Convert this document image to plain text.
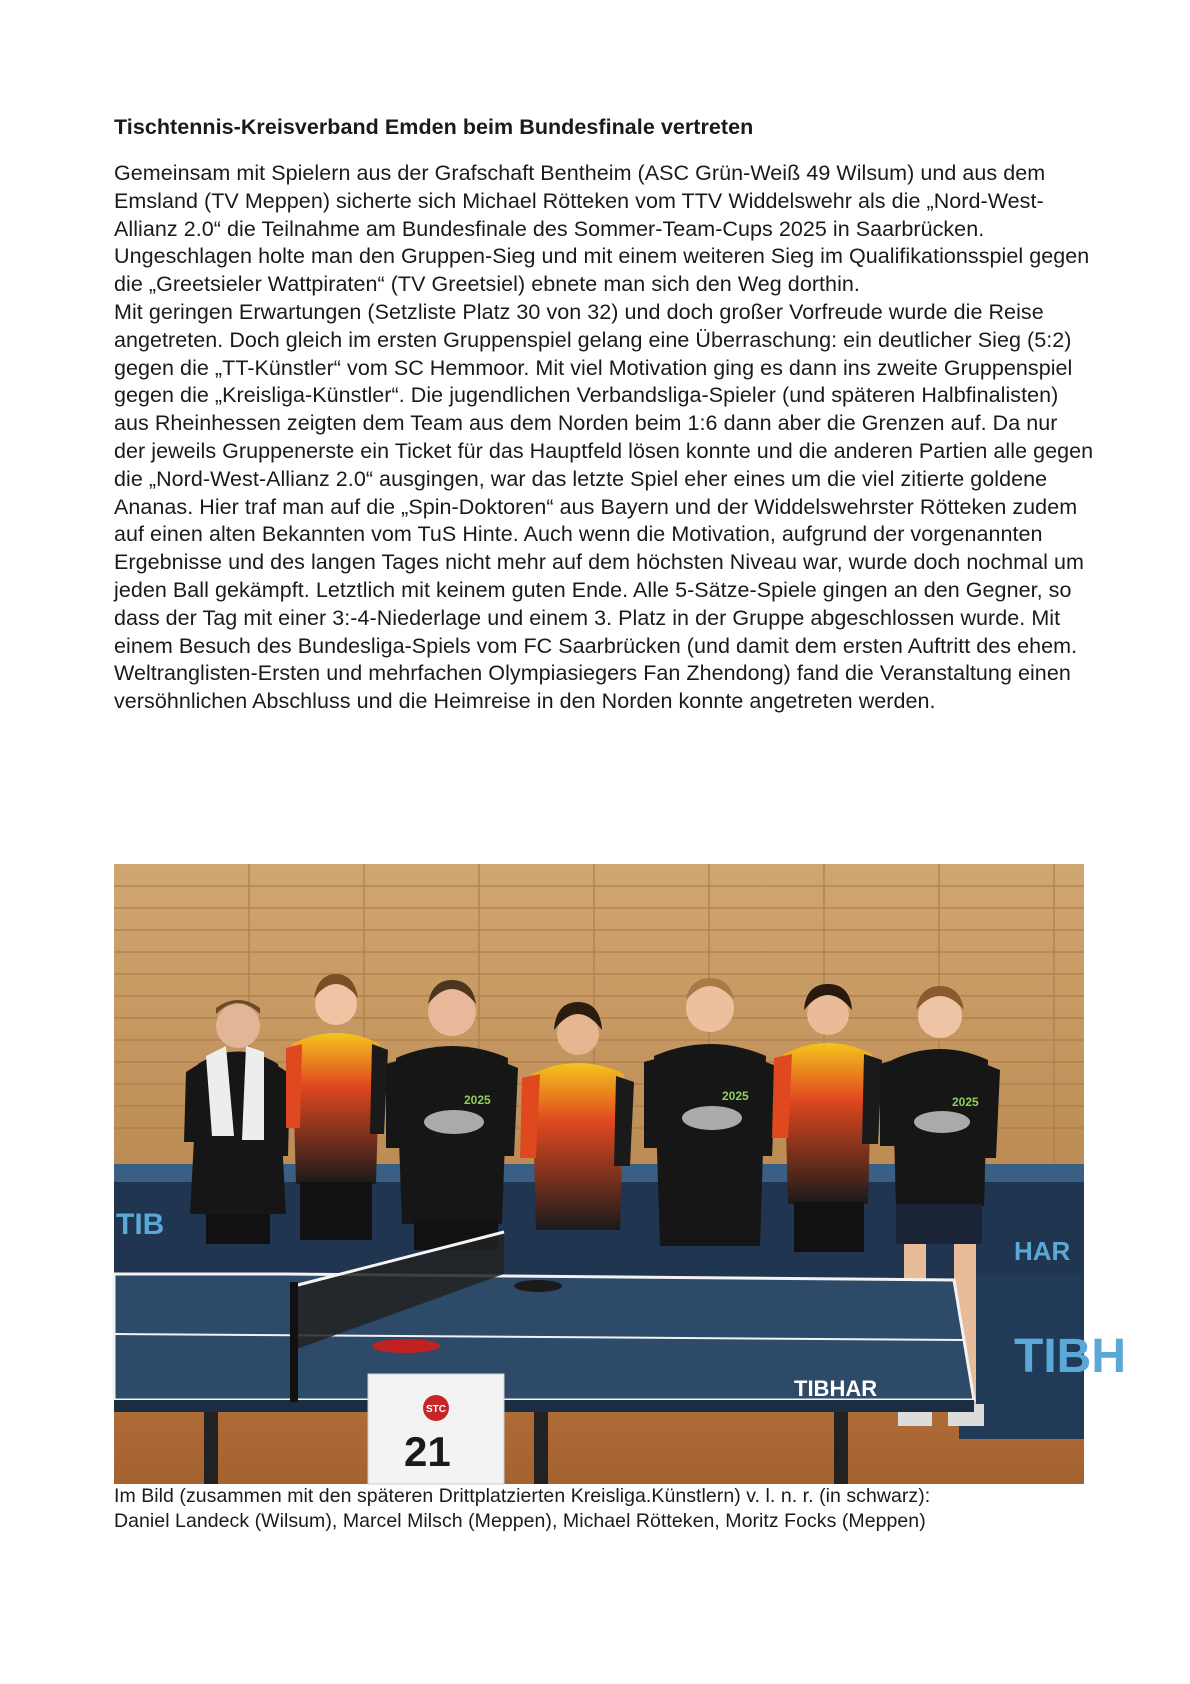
Tischtennis-Kreisverband Emden beim Bundesfinale vertreten

Gemeinsam mit Spielern aus der Grafschaft Bentheim (ASC Grün-Weiß 49 Wilsum) und aus dem Emsland (TV Meppen) sicherte sich Michael Rötteken vom TTV Widdelswehr als die „Nord-West-Allianz 2.0“ die Teilnahme am Bundesfinale des Sommer-Team-Cups 2025 in Saarbrücken. Ungeschlagen holte man den Gruppen-Sieg und mit einem weiteren Sieg im Qualifikationsspiel gegen die „Greetsieler Wattpiraten“ (TV Greetsiel) ebnete man sich den Weg dorthin.

Mit geringen Erwartungen (Setzliste Platz 30 von 32) und doch großer Vorfreude wurde die Reise angetreten. Doch gleich im ersten Gruppenspiel gelang eine Überraschung: ein deutlicher Sieg (5:2) gegen die „TT-Künstler“ vom SC Hemmoor. Mit viel Motivation ging es dann ins zweite Gruppenspiel gegen die „Kreisliga-Künstler“. Die jugendlichen Verbandsliga-Spieler (und späteren Halbfinalisten) aus Rheinhessen zeigten dem Team aus dem Norden beim 1:6 dann aber die Grenzen auf. Da nur der jeweils Gruppenerste ein Ticket für das Hauptfeld lösen konnte und die anderen Partien alle gegen die „Nord-West-Allianz 2.0“ ausgingen, war das letzte Spiel eher eines um die viel zitierte goldene Ananas. Hier traf man auf die „Spin-Doktoren“ aus Bayern und der Widdelswehrster Rötteken zudem auf einen alten Bekannten vom TuS Hinte. Auch wenn die Motivation, aufgrund der vorgenannten Ergebnisse und des langen Tages nicht mehr auf dem höchsten Niveau war, wurde doch nochmal um jeden Ball gekämpft. Letztlich mit keinem guten Ende. Alle 5-Sätze-Spiele gingen an den Gegner, so dass der Tag mit einer 3:-4-Niederlage und einem 3. Platz in der Gruppe abgeschlossen wurde. Mit einem Besuch des Bundesliga-Spiels vom FC Saarbrücken (und damit dem ersten Auftritt des ehem. Weltranglisten-Ersten und mehrfachen Olympiasiegers Fan Zhendong) fand die Veranstaltung einen versöhnlichen Abschluss und die Heimreise in den Norden konnte angetreten werden.

TIB
HAR
TIBH
2025	2025	2025
TIBHAR
STC
21

Im Bild (zusammen mit den späteren Drittplatzierten Kreisliga.Künstlern) v. l. n. r. (in schwarz):

Daniel Landeck (Wilsum), Marcel Milsch (Meppen), Michael Rötteken, Moritz Focks (Meppen)
